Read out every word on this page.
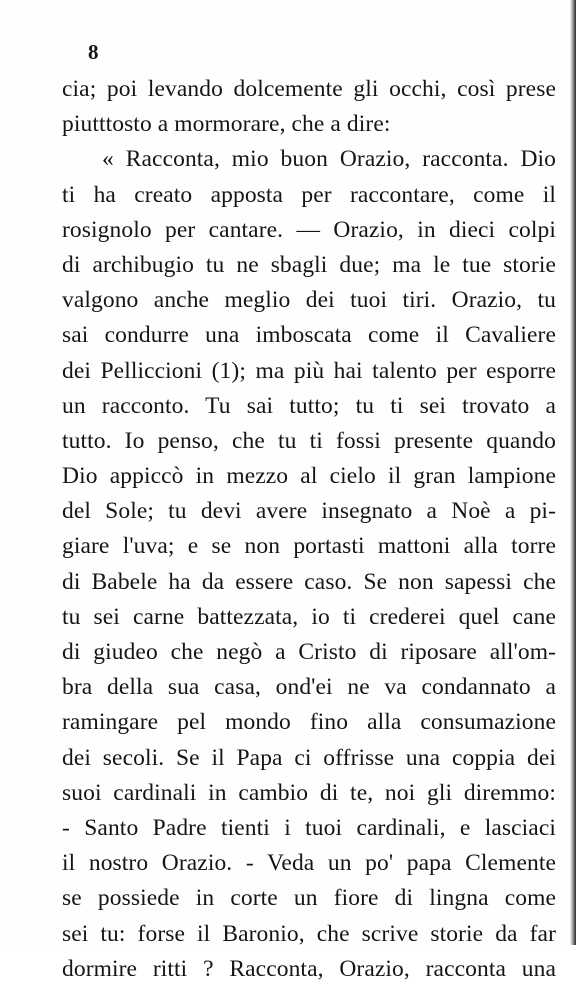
8
cia; poi levando dolcemente gli occhi, così prese
piutttosto a mormorare, che a dire:
« Racconta, mio buon Orazio, racconta. Dio
ti ha creato apposta per raccontare, come il
rosignolo per cantare. — Orazio, in dieci colpi
di archibugio tu ne sbagli due; ma le tue storie
valgono anche meglio dei tuoi tiri. Orazio, tu
sai condurre una imboscata come il Cavaliere
dei Pelliccioni (1); ma più hai talento per esporre
un racconto. Tu sai tutto; tu ti sei trovato a
tutto. Io penso, che tu ti fossi presente quando
Dio appiccò in mezzo al cielo il gran lampione
del Sole; tu devi avere insegnato a Noè a pi-
giare l'uva; e se non portasti mattoni alla torre
di Babele ha da essere caso. Se non sapessi che
tu sei carne battezzata, io ti crederei quel cane
di giudeo che negò a Cristo di riposare all'om-
bra della sua casa, ond'ei ne va condannato a
ramingare pel mondo fino alla consumazione
dei secoli. Se il Papa ci offrisse una coppia dei
suoi cardinali in cambio di te, noi gli diremmo:
- Santo Padre tienti i tuoi cardinali, e lasciaci
il nostro Orazio. - Veda un po' papa Clemente
se possiede in corte un fiore di lingna come
sei tu: forse il Baronio, che scrive storie da far
dormire ritti ? Racconta, Orazio, racconta una
